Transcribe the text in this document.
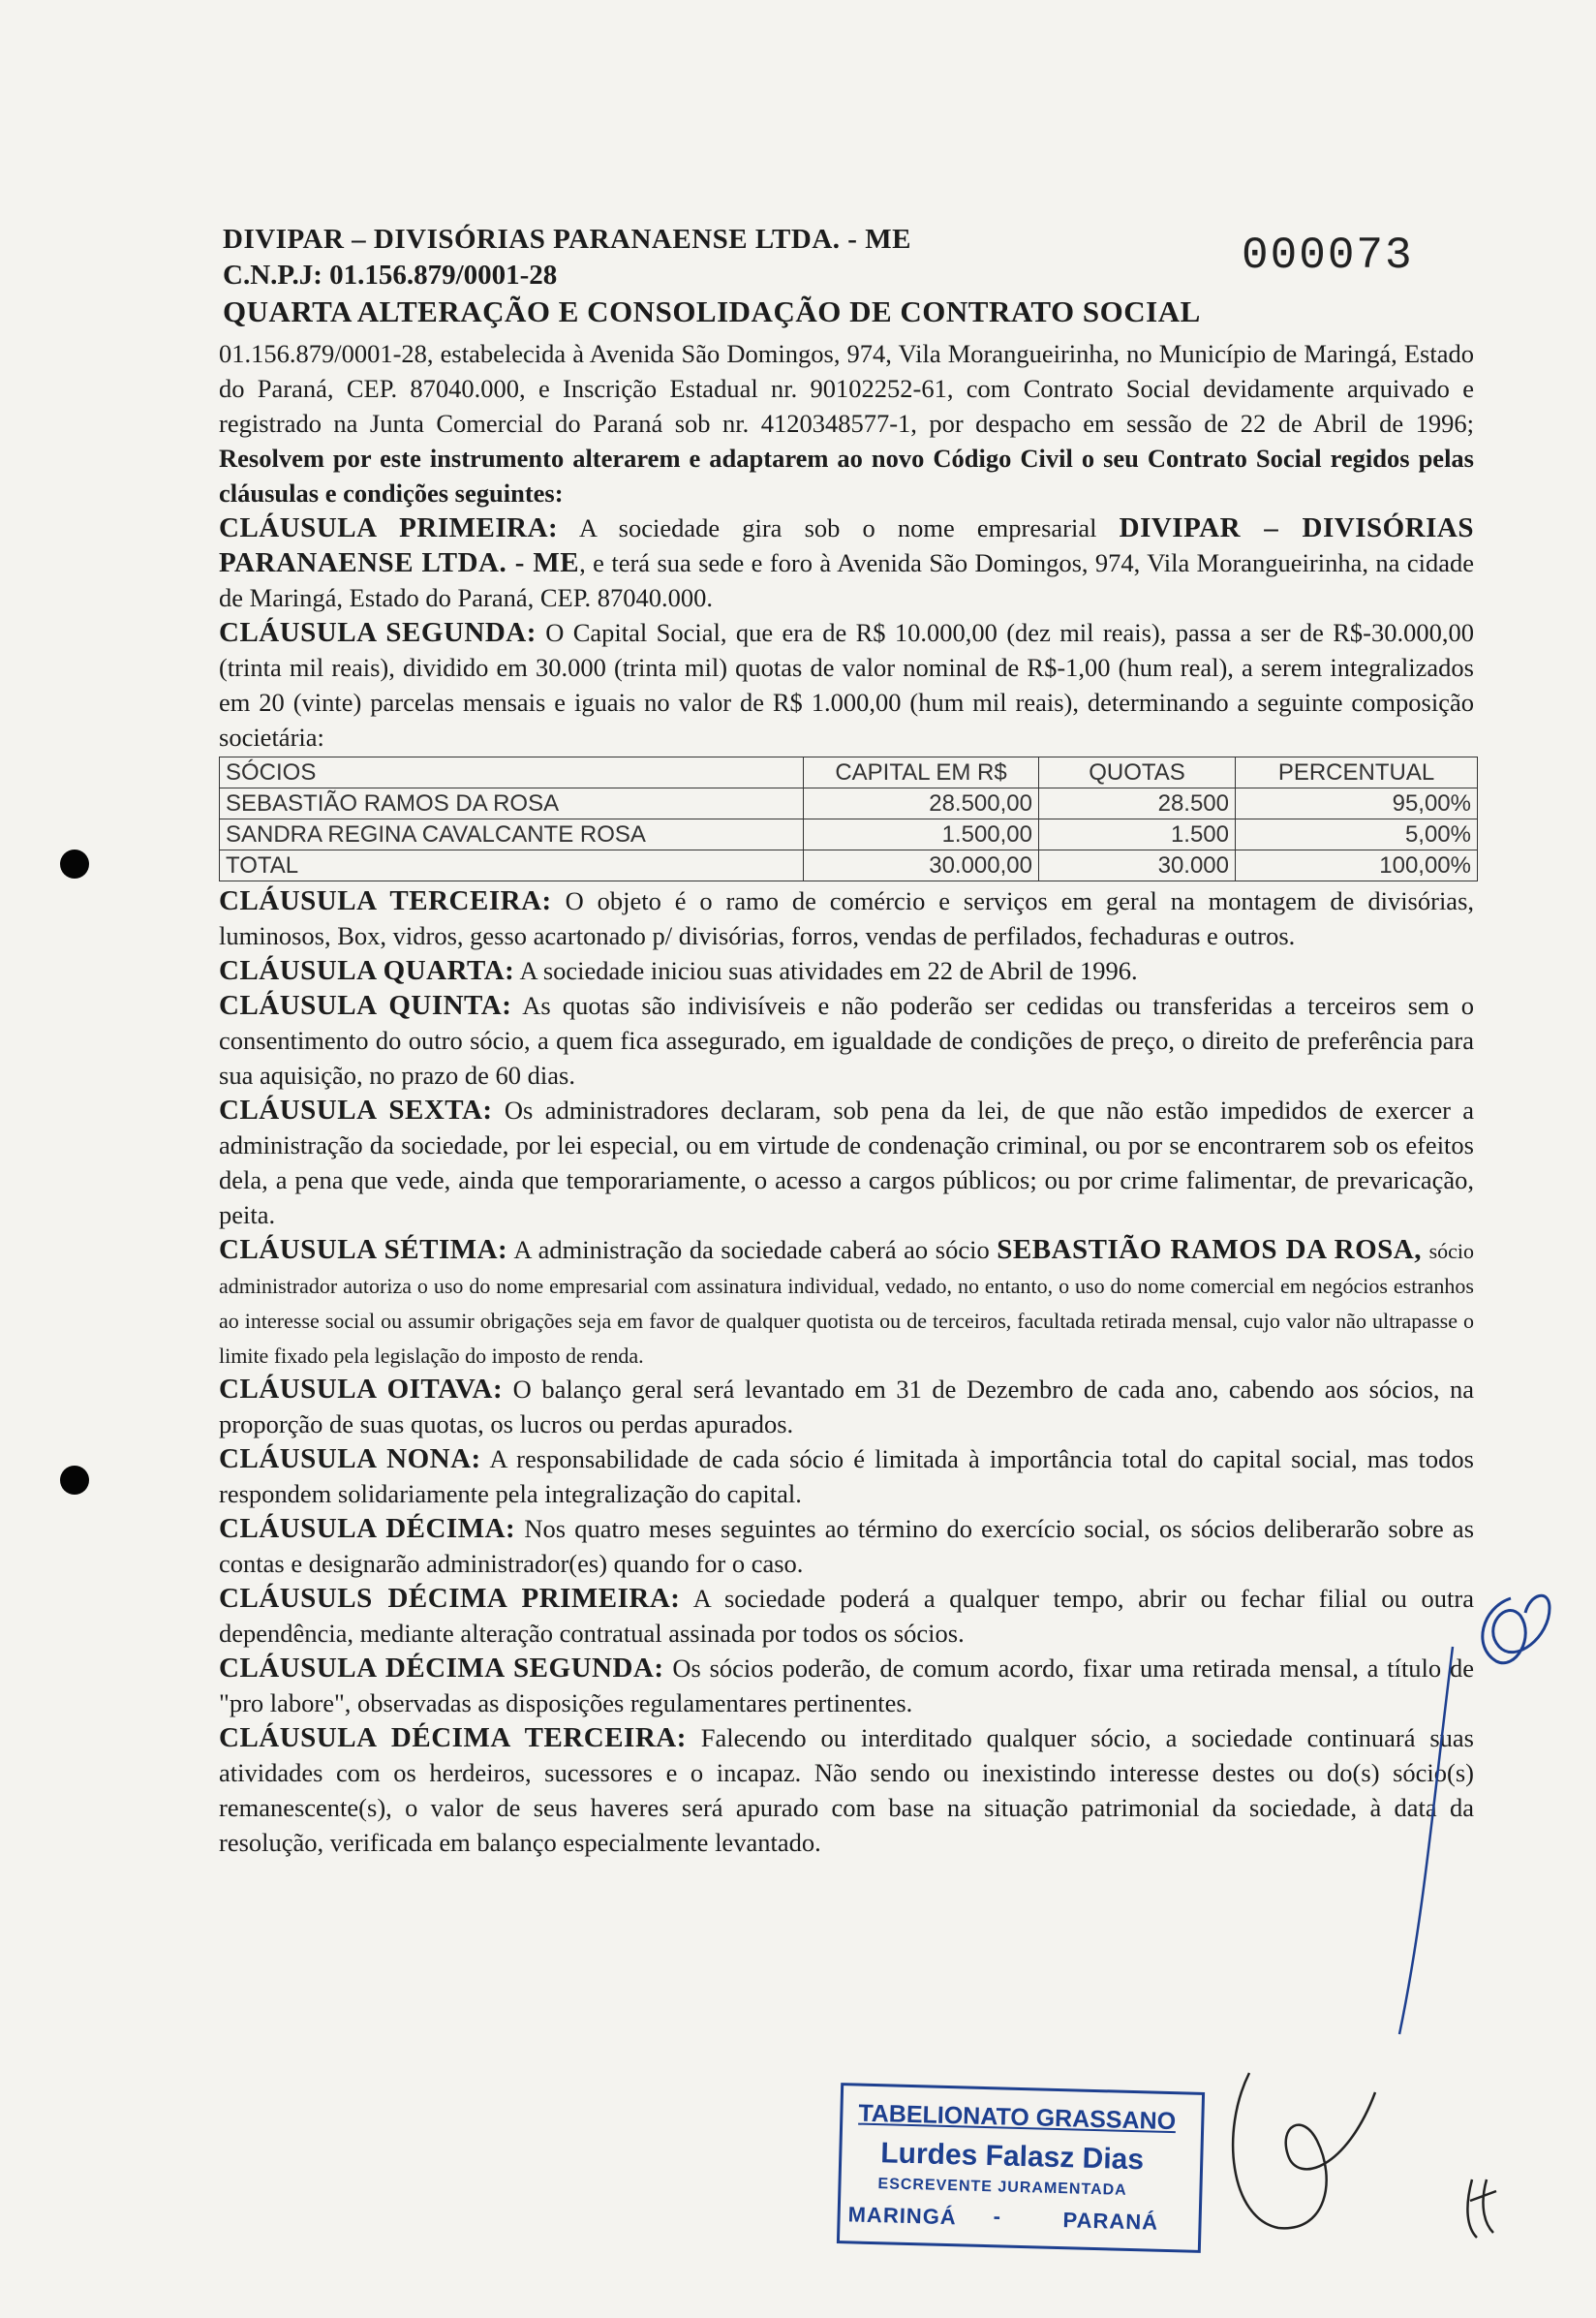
000073
DIVIPAR – DIVISÓRIAS PARANAENSE LTDA. - ME
C.N.P.J: 01.156.879/0001-28
QUARTA ALTERAÇÃO E CONSOLIDAÇÃO DE CONTRATO SOCIAL

01.156.879/0001-28, estabelecida à Avenida São Domingos, 974, Vila Morangueirinha, no Município de Maringá, Estado do Paraná, CEP. 87040.000, e Inscrição Estadual nr. 90102252-61, com Contrato Social devidamente arquivado e registrado na Junta Comercial do Paraná sob nr. 4120348577-1, por despacho em sessão de 22 de Abril de 1996; Resolvem por este instrumento alterarem e adaptarem ao novo Código Civil o seu Contrato Social regidos pelas cláusulas e condições seguintes:

CLÁUSULA PRIMEIRA: A sociedade gira sob o nome empresarial DIVIPAR – DIVISÓRIAS PARANAENSE LTDA. - ME, e terá sua sede e foro à Avenida São Domingos, 974, Vila Morangueirinha, na cidade de Maringá, Estado do Paraná, CEP. 87040.000.

CLÁUSULA SEGUNDA: O Capital Social, que era de R$ 10.000,00 (dez mil reais), passa a ser de R$-30.000,00 (trinta mil reais), dividido em 30.000 (trinta mil) quotas de valor nominal de R$-1,00 (hum real), a serem integralizados em 20 (vinte) parcelas mensais e iguais no valor de R$ 1.000,00 (hum mil reais), determinando a seguinte composição societária:

SÓCIOS	CAPITAL EM R$	QUOTAS	PERCENTUAL
SEBASTIÃO RAMOS DA ROSA	28.500,00	28.500	95,00%
SANDRA REGINA CAVALCANTE ROSA	1.500,00	1.500	5,00%
TOTAL	30.000,00	30.000	100,00%

CLÁUSULA TERCEIRA: O objeto é o ramo de comércio e serviços em geral na montagem de divisórias, luminosos, Box, vidros, gesso acartonado p/ divisórias, forros, vendas de perfilados, fechaduras e outros.

CLÁUSULA QUARTA: A sociedade iniciou suas atividades em 22 de Abril de 1996.

CLÁUSULA QUINTA: As quotas são indivisíveis e não poderão ser cedidas ou transferidas a terceiros sem o consentimento do outro sócio, a quem fica assegurado, em igualdade de condições de preço, o direito de preferência para sua aquisição, no prazo de 60 dias.

CLÁUSULA SEXTA: Os administradores declaram, sob pena da lei, de que não estão impedidos de exercer a administração da sociedade, por lei especial, ou em virtude de condenação criminal, ou por se encontrarem sob os efeitos dela, a pena que vede, ainda que temporariamente, o acesso a cargos públicos; ou por crime falimentar, de prevaricação, peita.

CLÁUSULA SÉTIMA: A administração da sociedade caberá ao sócio SEBASTIÃO RAMOS DA ROSA, sócio administrador autoriza o uso do nome empresarial com assinatura individual, vedado, no entanto, o uso do nome comercial em negócios estranhos ao interesse social ou assumir obrigações seja em favor de qualquer quotista ou de terceiros, facultada retirada mensal, cujo valor não ultrapasse o limite fixado pela legislação do imposto de renda.

CLÁUSULA OITAVA: O balanço geral será levantado em 31 de Dezembro de cada ano, cabendo aos sócios, na proporção de suas quotas, os lucros ou perdas apurados.

CLÁUSULA NONA: A responsabilidade de cada sócio é limitada à importância total do capital social, mas todos respondem solidariamente pela integralização do capital.

CLÁUSULA DÉCIMA: Nos quatro meses seguintes ao término do exercício social, os sócios deliberarão sobre as contas e designarão administrador(es) quando for o caso.

CLÁUSULS DÉCIMA PRIMEIRA: A sociedade poderá a qualquer tempo, abrir ou fechar filial ou outra dependência, mediante alteração contratual assinada por todos os sócios.

CLÁUSULA DÉCIMA SEGUNDA: Os sócios poderão, de comum acordo, fixar uma retirada mensal, a título de "pro labore", observadas as disposições regulamentares pertinentes.

CLÁUSULA DÉCIMA TERCEIRA: Falecendo ou interditado qualquer sócio, a sociedade continuará suas atividades com os herdeiros, sucessores e o incapaz. Não sendo ou inexistindo interesse destes ou do(s) sócio(s) remanescente(s), o valor de seus haveres será apurado com base na situação patrimonial da sociedade, à data da resolução, verificada em balanço especialmente levantado.

TABELIONATO GRASSANO
Lurdes Falasz Dias
ESCREVENTE JURAMENTADA
MARINGÁ -	PARANÁ
